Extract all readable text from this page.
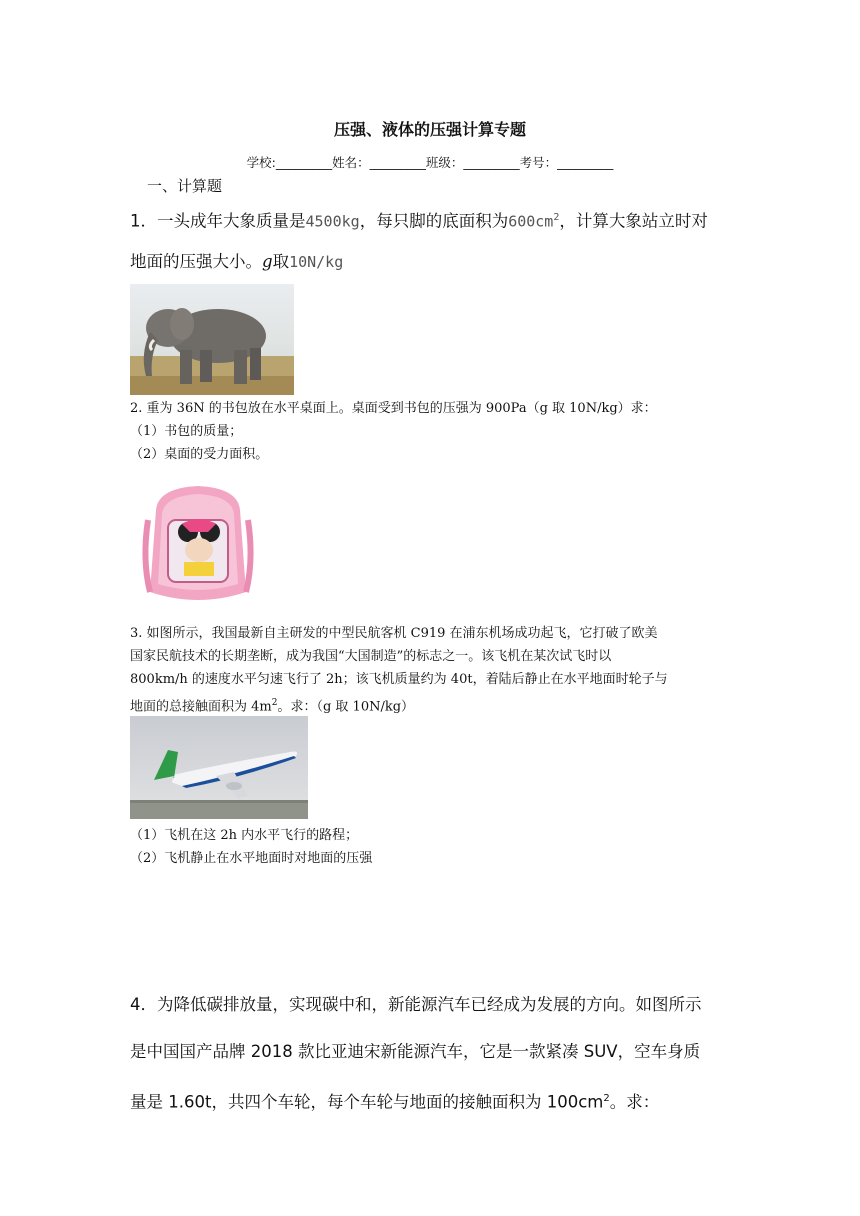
压强、液体的压强计算专题
学校:_________姓名：_________班级：_________考号：_________
一、计算题
1．一头成年大象质量是4500kg，每只脚的底面积为$600cm^2$，计算大象站立时对
地面的压强大小。g取10N/kg
2. 重为 36N 的书包放在水平桌面上。桌面受到书包的压强为 900Pa（g 取 10N/kg）求：
（1）书包的质量；
（2）桌面的受力面积。
3. 如图所示，我国最新自主研发的中型民航客机 C919 在浦东机场成功起飞，它打破了欧美
国家民航技术的长期垄断，成为我国“大国制造”的标志之一。该飞机在某次试飞时以
800km/h 的速度水平匀速飞行了 2h；该飞机质量约为 40t，着陆后静止在水平地面时轮子与
地面的总接触面积为 $4m^2$。求：（g 取 10N/kg）
（1）飞机在这 2h 内水平飞行的路程；
（2）飞机静止在水平地面时对地面的压强
4．为降低碳排放量，实现碳中和，新能源汽车已经成为发展的方向。如图所示
是中国国产品牌 2018 款比亚迪宋新能源汽车，它是一款紧凑 SUV，空车身质
量是 1.60t，共四个车轮，每个车轮与地面的接触面积为 $100cm^2$。求：
